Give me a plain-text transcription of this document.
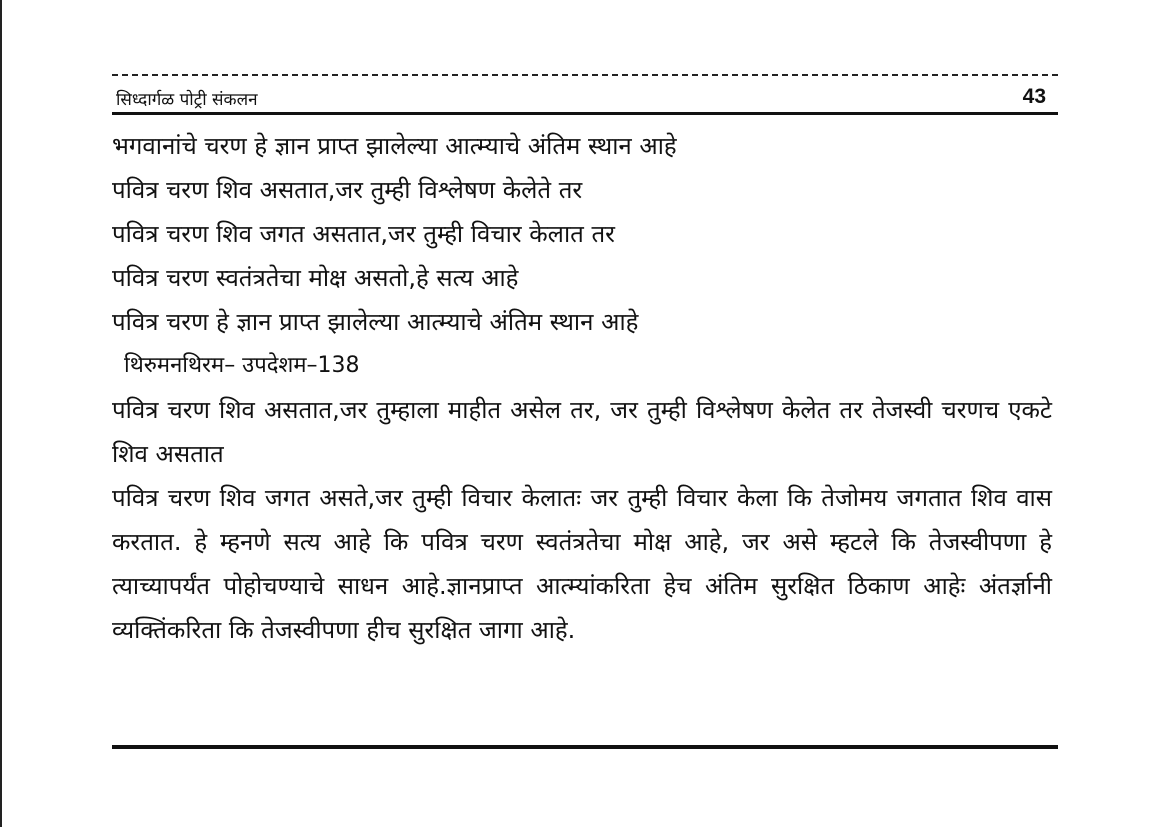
सिध्दार्गळ पोट्री संकलन	43

भगवानांचे चरण हे ज्ञान प्राप्त झालेल्या आत्म्याचे अंतिम स्थान आहे

पवित्र चरण शिव असतात,जर तुम्ही विश्लेषण केलेते तर

पवित्र चरण शिव जगत असतात,जर तुम्ही विचार केलात तर

पवित्र चरण स्वतंत्रतेचा मोक्ष असतो,हे सत्य आहे

पवित्र चरण हे ज्ञान प्राप्त झालेल्या आत्म्याचे अंतिम स्थान आहे

थिरुमनथिरम– उपदेशम–138

पवित्र चरण शिव असतात,जर तुम्हाला माहीत असेल तर, जर तुम्ही विश्लेषण केलेत तर तेजस्वी चरणच एकटे शिव असतात

पवित्र चरण शिव जगत असते,जर तुम्ही विचार केलातः जर तुम्ही विचार केला कि तेजोमय जगतात शिव वास करतात. हे म्हनणे सत्य आहे कि पवित्र चरण स्वतंत्रतेचा मोक्ष आहे, जर असे म्हटले कि तेजस्वीपणा हे त्याच्यापर्यंत पोहोचण्याचे साधन आहे.ज्ञानप्राप्त आत्म्यांकरिता हेच अंतिम सुरक्षित ठिकाण आहेः अंतर्ज्ञानी व्यक्तिंकरिता कि तेजस्वीपणा हीच सुरक्षित जागा आहे.
